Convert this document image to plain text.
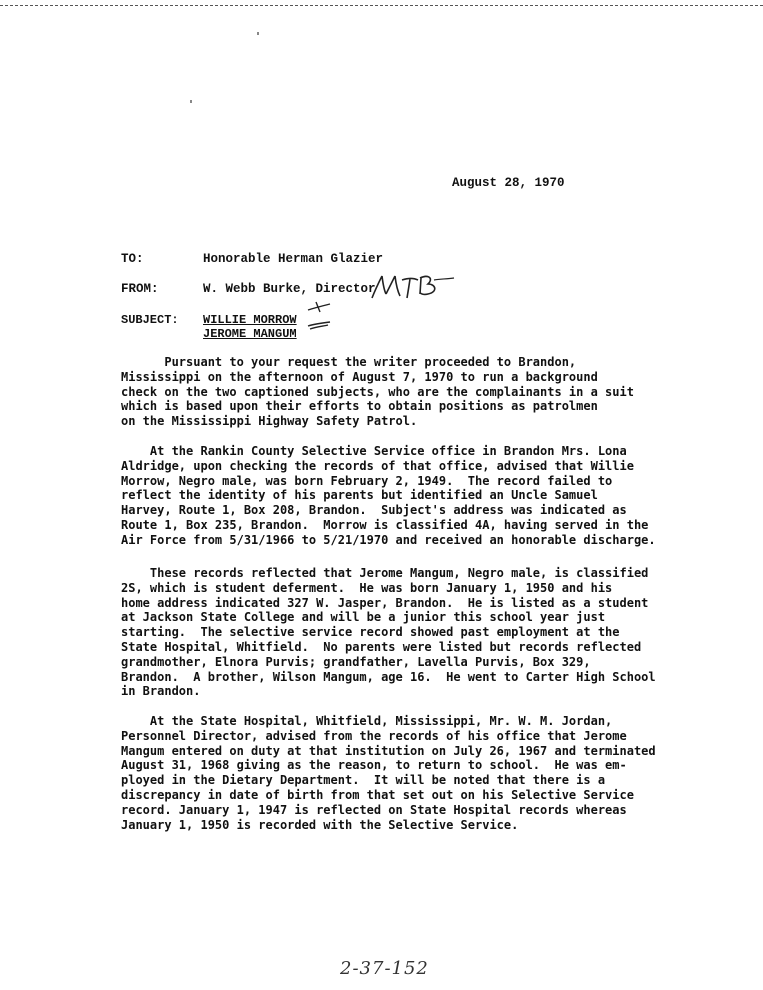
August 28, 1970
TO:	Honorable Herman Glazier
FROM:	W. Webb Burke, Director
SUBJECT: WILLIE MORROW
JEROME MANGUM
Pursuant to your request the writer proceeded to Brandon,
Mississippi on the afternoon of August 7, 1970 to run a background
check on the two captioned subjects, who are the complainants in a suit
which is based upon their efforts to obtain positions as patrolmen
on the Mississippi Highway Safety Patrol.
At the Rankin County Selective Service office in Brandon Mrs. Lona
Aldridge, upon checking the records of that office, advised that Willie
Morrow, Negro male, was born February 2, 1949.  The record failed to
reflect the identity of his parents but identified an Uncle Samuel
Harvey, Route 1, Box 208, Brandon.  Subject's address was indicated as
Route 1, Box 235, Brandon.  Morrow is classified 4A, having served in the
Air Force from 5/31/1966 to 5/21/1970 and received an honorable discharge.
These records reflected that Jerome Mangum, Negro male, is classified
2S, which is student deferment.  He was born January 1, 1950 and his
home address indicated 327 W. Jasper, Brandon.  He is listed as a student
at Jackson State College and will be a junior this school year just
starting.  The selective service record showed past employment at the
State Hospital, Whitfield.  No parents were listed but records reflected
grandmother, Elnora Purvis; grandfather, Lavella Purvis, Box 329,
Brandon.  A brother, Wilson Mangum, age 16.  He went to Carter High School
in Brandon.
At the State Hospital, Whitfield, Mississippi, Mr. W. M. Jordan,
Personnel Director, advised from the records of his office that Jerome
Mangum entered on duty at that institution on July 26, 1967 and terminated
August 31, 1968 giving as the reason, to return to school.  He was em-
ployed in the Dietary Department.  It will be noted that there is a
discrepancy in date of birth from that set out on his Selective Service
record. January 1, 1947 is reflected on State Hospital records whereas
January 1, 1950 is recorded with the Selective Service.
2-37-152
